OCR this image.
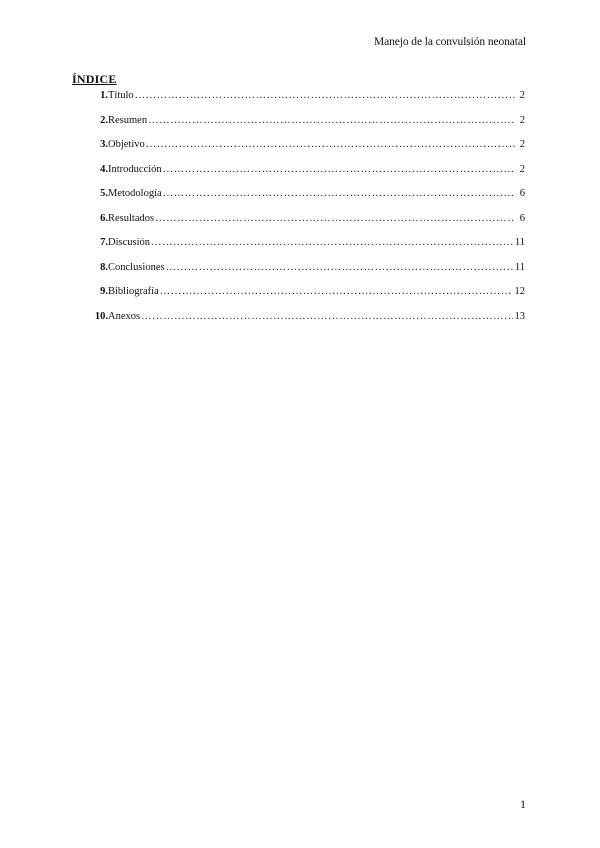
Manejo de la convulsión neonatal
ÍNDICE
1. Título …………………………………………………………………………………………………………………………………………………………………………	2
2. Resumen …………………………………………………………………………………………………………………………………………………………………………	2
3. Objetivo …………………………………………………………………………………………………………………………………………………………………………	2
4. Introducción …………………………………………………………………………………………………………………………………………………………………………	2
5. Metodología …………………………………………………………………………………………………………………………………………………………………………	6
6. Resultados …………………………………………………………………………………………………………………………………………………………………………	6
7. Discusión …………………………………………………………………………………………………………………………………………………………………………	11
8. Conclusiones …………………………………………………………………………………………………………………………………………………………………………	11
9. Bibliografía …………………………………………………………………………………………………………………………………………………………………………	12
10. Anexos …………………………………………………………………………………………………………………………………………………………………………	13
1
